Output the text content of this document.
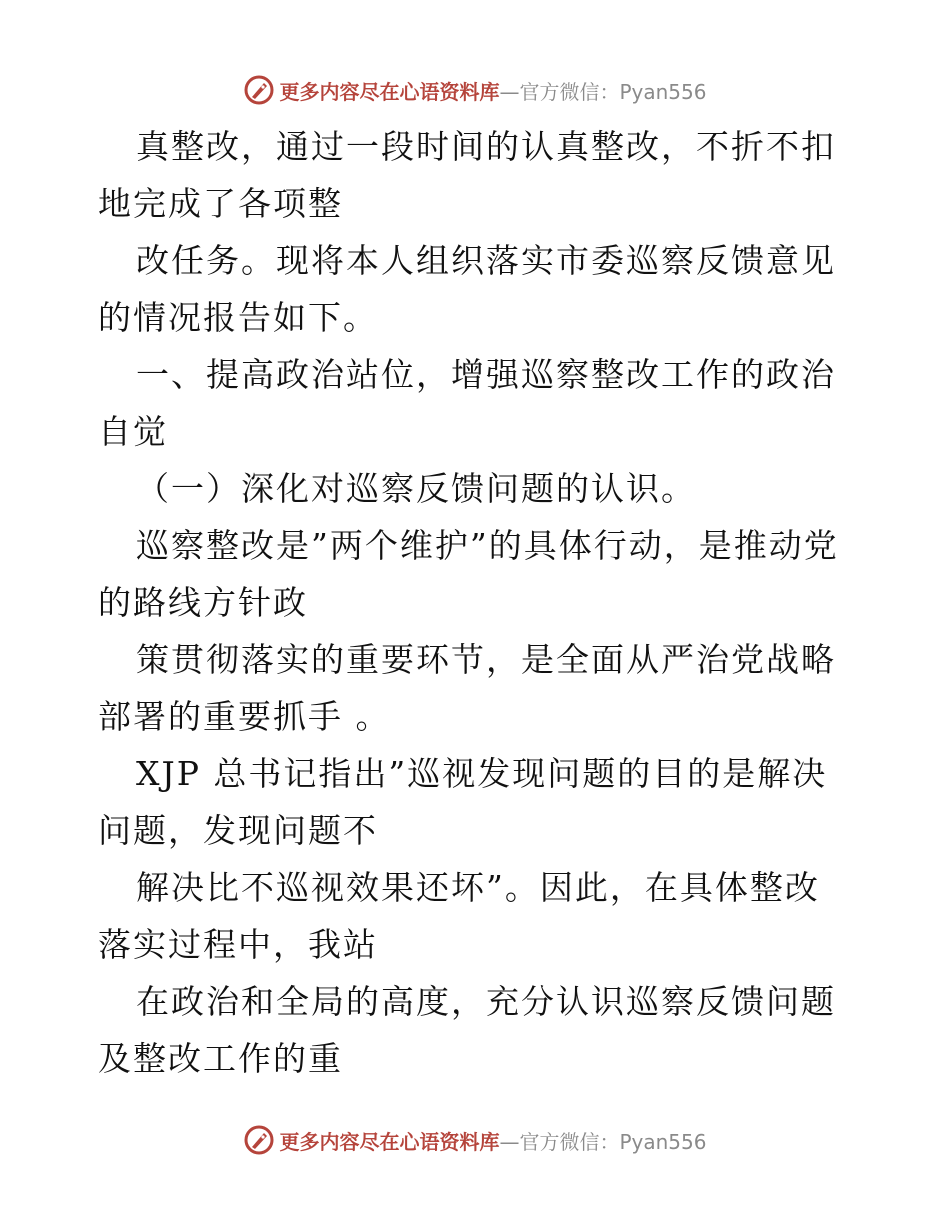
更多内容尽在心语资料库—官方微信：Pyan556

真整改，通过一段时间的认真整改，不折不扣地完成了各项整

改任务。现将本人组织落实市委巡察反馈意见的情况报告如下。

一、提高政治站位，增强巡察整改工作的政治自觉

（一）深化对巡察反馈问题的认识。

巡察整改是”两个维护”的具体行动，是推动党的路线方针政

策贯彻落实的重要环节，是全面从严治党战略部署的重要抓手 。

XJP 总书记指出”巡视发现问题的目的是解决问题，发现问题不

解决比不巡视效果还坏”。因此，在具体整改落实过程中，我站

在政治和全局的高度，充分认识巡察反馈问题及整改工作的重

更多内容尽在心语资料库—官方微信：Pyan556
